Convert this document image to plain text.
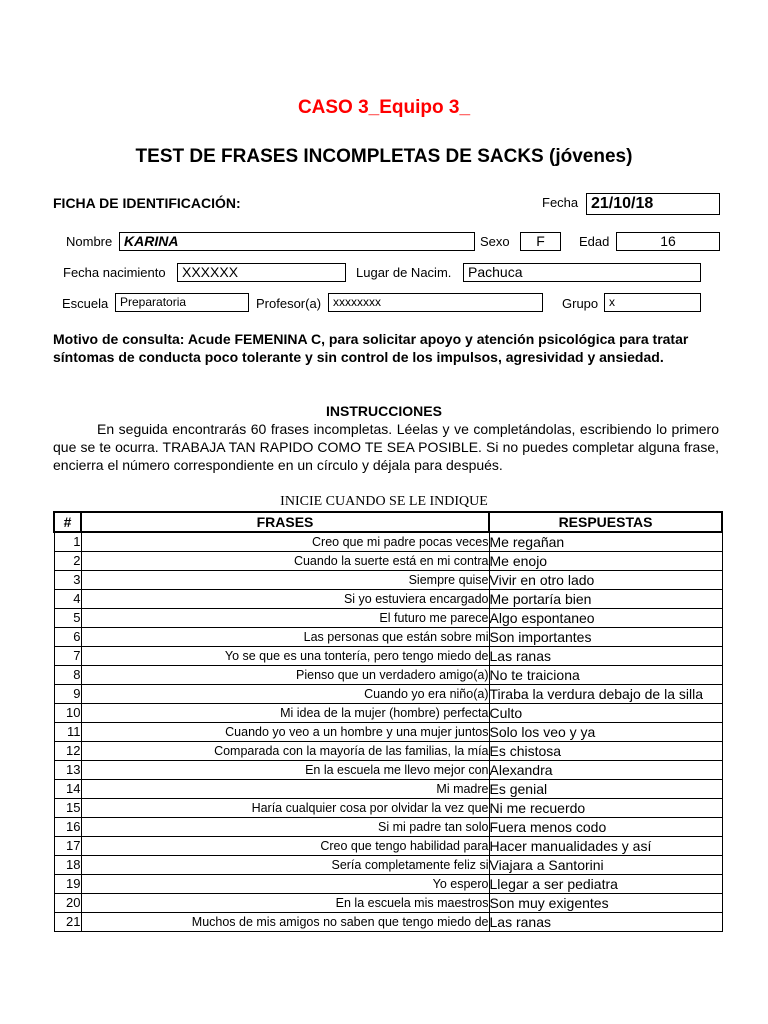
CASO 3_Equipo 3_
TEST DE FRASES INCOMPLETAS DE SACKS (jóvenes)
FICHA DE IDENTIFICACIÓN:	Fecha 21/10/18
Nombre KARINA	Sexo	F	Edad	16
Fecha nacimiento	XXXXXX	Lugar de Nacim.	Pachuca
Escuela Preparatoria	Profesor(a) xxxxxxxx	Grupo x
Motivo de consulta: Acude FEMENINA C, para solicitar apoyo y atención psicológica para tratar síntomas de conducta poco tolerante y sin control de los impulsos, agresividad y ansiedad.
INSTRUCCIONES
En seguida encontrarás 60 frases incompletas. Léelas y ve completándolas, escribiendo lo primero que se te ocurra. TRABAJA TAN RAPIDO COMO TE SEA POSIBLE. Si no puedes completar alguna frase, encierra el número correspondiente en un círculo y déjala para después.
INICIE CUANDO SE LE INDIQUE
#	FRASES	RESPUESTAS
1	Creo que mi padre pocas veces	Me regañan
2	Cuando la suerte está en mi contra	Me enojo
3	Siempre quise	Vivir en otro lado
4	Si yo estuviera encargado	Me portaría bien
5	El futuro me parece	Algo espontaneo
6	Las personas que están sobre mi	Son importantes
7	Yo se que es una tontería, pero tengo miedo de	Las ranas
8	Pienso que un verdadero amigo(a)	No te traiciona
9	Cuando yo era niño(a)	Tiraba la verdura debajo de la silla
10	Mi idea de la mujer (hombre) perfecta	Culto
11	Cuando yo veo a un hombre y una mujer juntos	Solo los veo y ya
12	Comparada con la mayoría de las familias, la mía	Es chistosa
13	En la escuela me llevo mejor con	Alexandra
14	Mi madre	Es genial
15	Haría cualquier cosa por olvidar la vez que	Ni me recuerdo
16	Si mi padre tan solo	Fuera menos codo
17	Creo que tengo habilidad para	Hacer manualidades y así
18	Sería completamente feliz si	Viajara a Santorini
19	Yo espero	Llegar a ser pediatra
20	En la escuela mis maestros	Son muy exigentes
21	Muchos de mis amigos no saben que tengo miedo de	Las ranas
